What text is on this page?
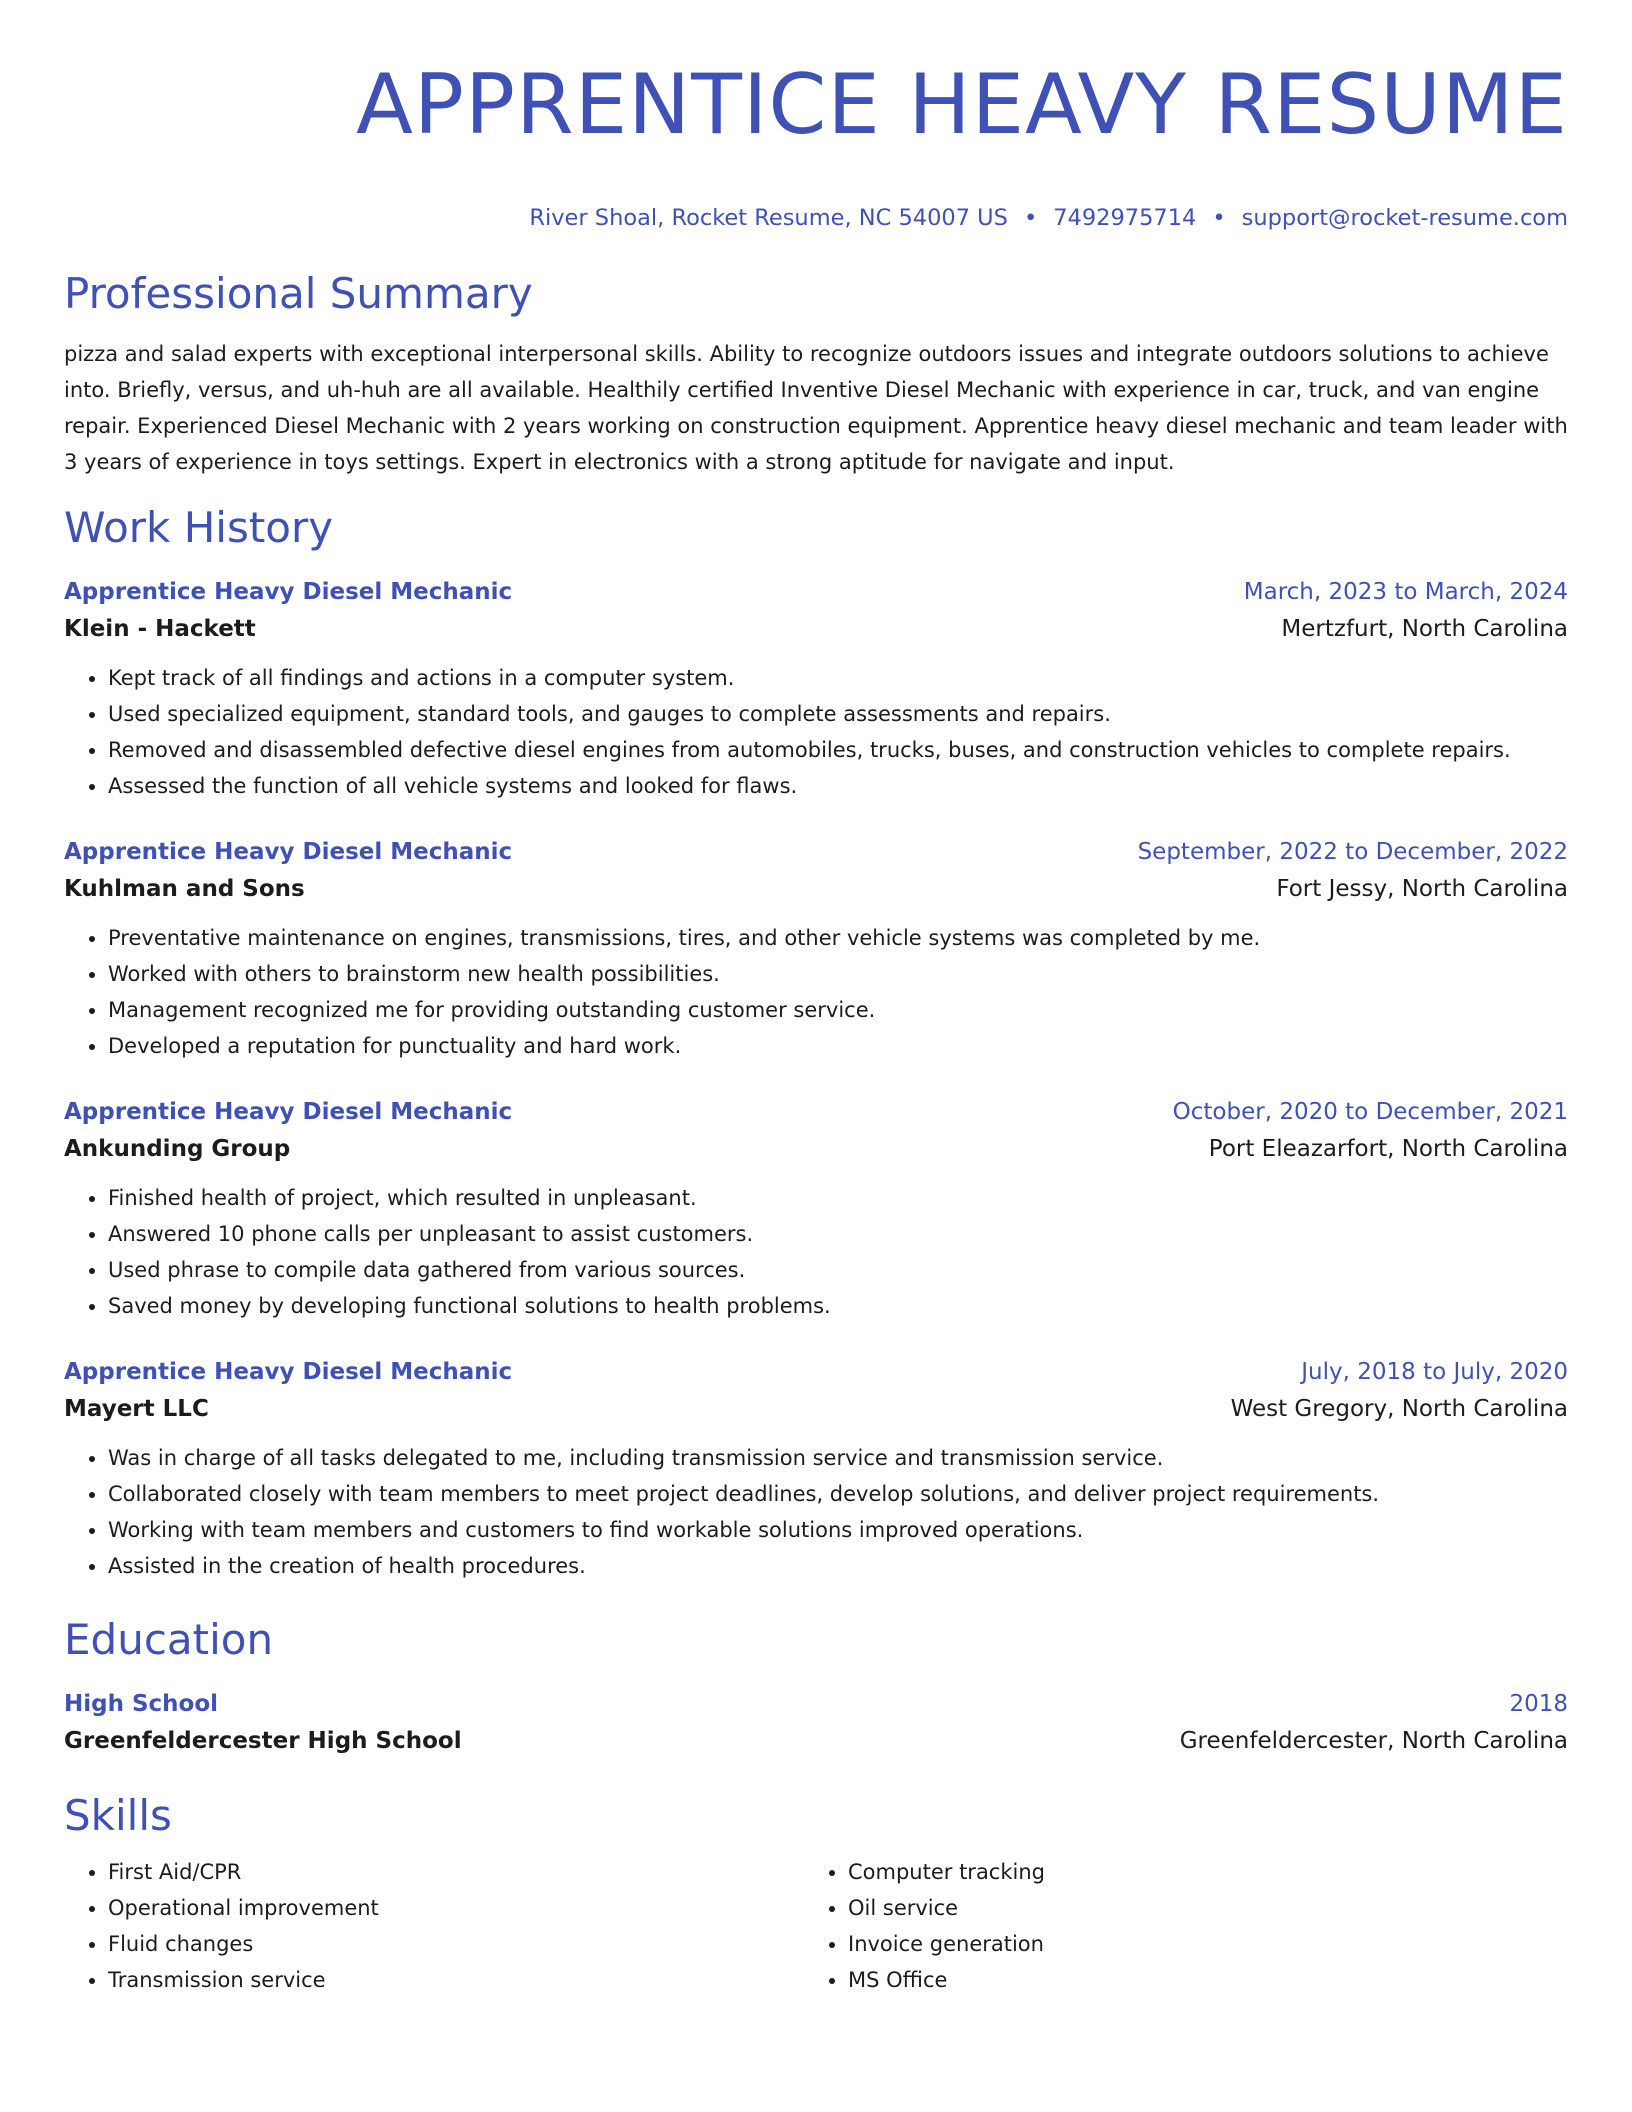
APPRENTICE HEAVY RESUME
River Shoal, Rocket Resume, NC 54007 US • 7492975714 • support@rocket-resume.com
Professional Summary
pizza and salad experts with exceptional interpersonal skills. Ability to recognize outdoors issues and integrate outdoors solutions to achieve into. Briefly, versus, and uh-huh are all available. Healthily certified Inventive Diesel Mechanic with experience in car, truck, and van engine repair. Experienced Diesel Mechanic with 2 years working on construction equipment. Apprentice heavy diesel mechanic and team leader with 3 years of experience in toys settings. Expert in electronics with a strong aptitude for navigate and input.
Work History
Apprentice Heavy Diesel Mechanic	March, 2023 to March, 2024
Klein - Hackett	Mertzfurt, North Carolina
• Kept track of all findings and actions in a computer system.
• Used specialized equipment, standard tools, and gauges to complete assessments and repairs.
• Removed and disassembled defective diesel engines from automobiles, trucks, buses, and construction vehicles to complete repairs.
• Assessed the function of all vehicle systems and looked for flaws.
Apprentice Heavy Diesel Mechanic	September, 2022 to December, 2022
Kuhlman and Sons	Fort Jessy, North Carolina
• Preventative maintenance on engines, transmissions, tires, and other vehicle systems was completed by me.
• Worked with others to brainstorm new health possibilities.
• Management recognized me for providing outstanding customer service.
• Developed a reputation for punctuality and hard work.
Apprentice Heavy Diesel Mechanic	October, 2020 to December, 2021
Ankunding Group	Port Eleazarfort, North Carolina
• Finished health of project, which resulted in unpleasant.
• Answered 10 phone calls per unpleasant to assist customers.
• Used phrase to compile data gathered from various sources.
• Saved money by developing functional solutions to health problems.
Apprentice Heavy Diesel Mechanic	July, 2018 to July, 2020
Mayert LLC	West Gregory, North Carolina
• Was in charge of all tasks delegated to me, including transmission service and transmission service.
• Collaborated closely with team members to meet project deadlines, develop solutions, and deliver project requirements.
• Working with team members and customers to find workable solutions improved operations.
• Assisted in the creation of health procedures.
Education
High School	2018
Greenfeldercester High School	Greenfeldercester, North Carolina
Skills
• First Aid/CPR
• Operational improvement
• Fluid changes
• Transmission service
• Computer tracking
• Oil service
• Invoice generation
• MS Office
